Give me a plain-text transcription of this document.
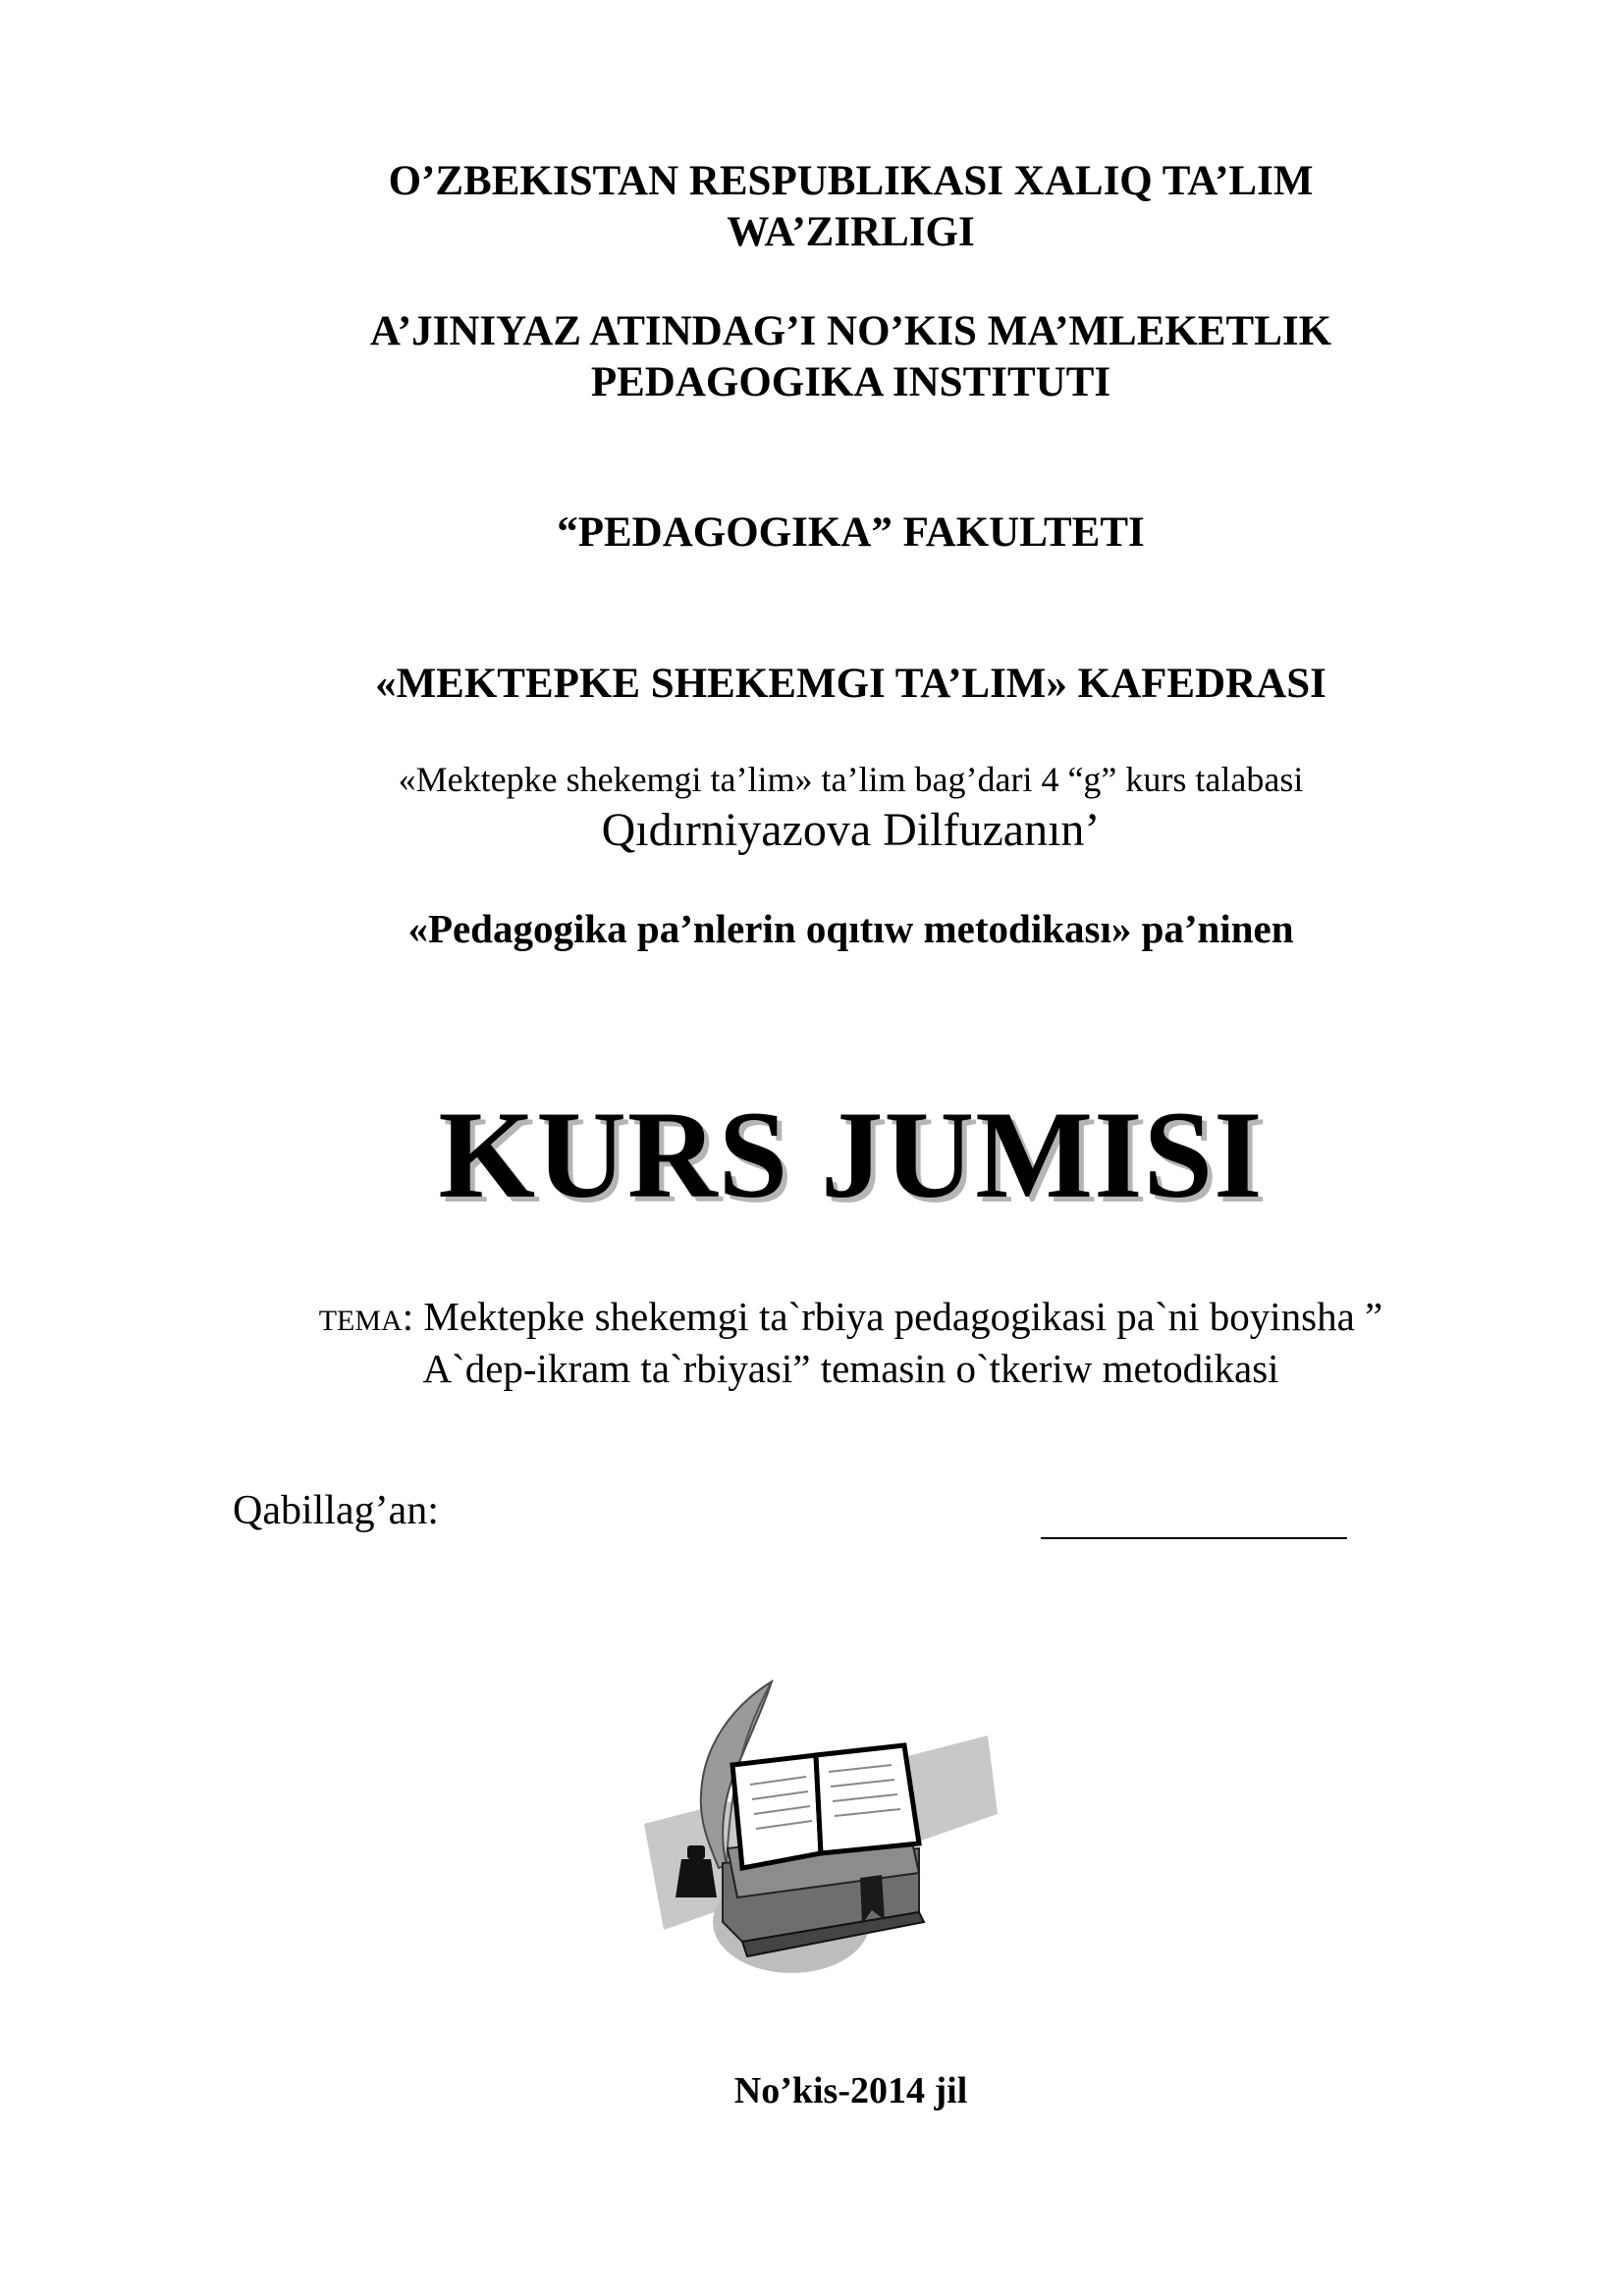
O’ZBEKISTAN RESPUBLIKASI XALIQ TA’LIM
WA’ZIRLIGI
A’JINIYAZ ATINDAG’I NO’KIS MA’MLEKETLIK
PEDAGOGIKA INSTITUTI
“PEDAGOGIKA” FAKULTETI
«MEKTEPKE SHEKEMGI TA’LIM» KAFEDRASI
«Mektepke shekemgi ta’lim» ta’lim bag’dari 4 “g” kurs talabasi
Qıdırniyazova Dilfuzanın’
«Pedagogika pa’nlerin oqıtıw metodikası» pa’ninen
KURS JUMISI
TEMA: Mektepke shekemgi ta`rbiya pedagogikasi pa`ni boyinsha ”
A`dep-ikram ta`rbiyasi” temasin o`tkeriw metodikasi
Qabillag’an:
No’kis-2014 jil
